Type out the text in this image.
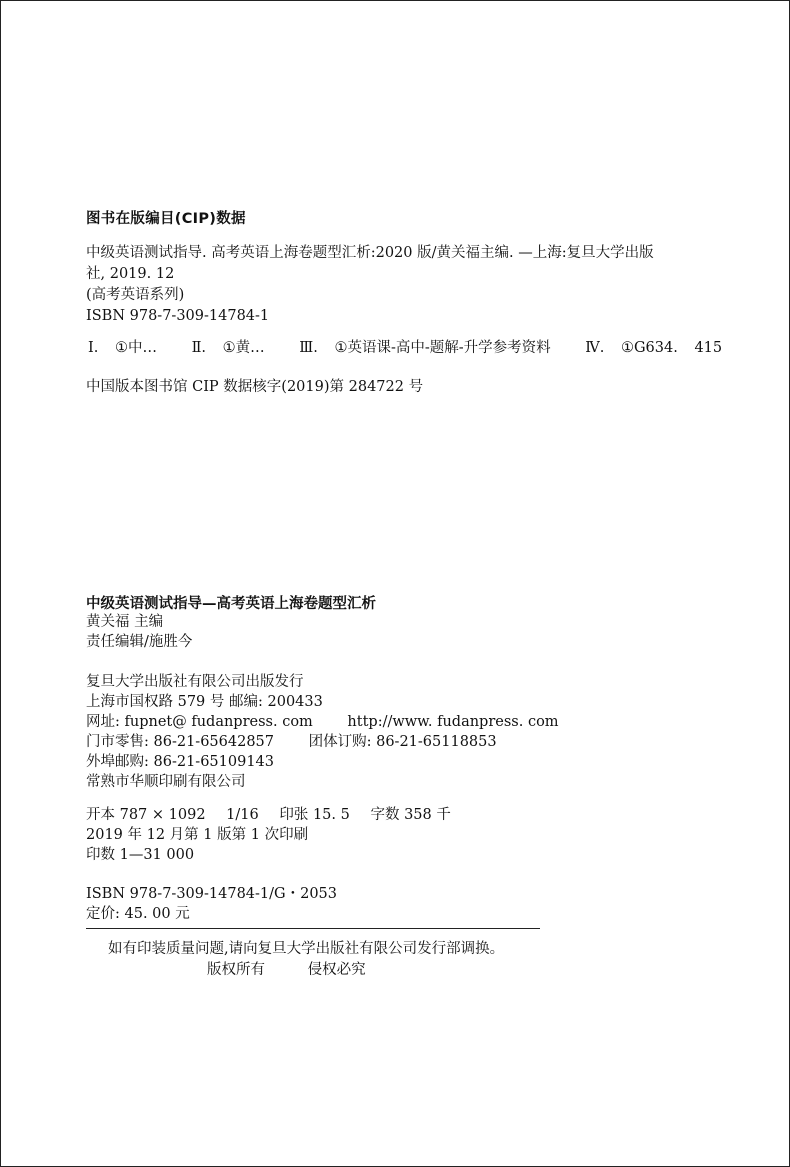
图书在版编目(CIP)数据
中级英语测试指导. 高考英语上海卷题型汇析:2020 版/黄关福主编. —上海:复旦大学出版
社, 2019. 12
(高考英语系列)
ISBN 978-7-309-14784-1
Ⅰ. ①中… Ⅱ. ①黄… Ⅲ. ①英语课-高中-题解-升学参考资料 Ⅳ. ①G634. 415
中国版本图书馆 CIP 数据核字(2019)第 284722 号
中级英语测试指导—高考英语上海卷题型汇析
黄关福 主编
责任编辑/施胜今
复旦大学出版社有限公司出版发行
上海市国权路 579 号 邮编: 200433
网址: fupnet@ fudanpress. com http://www. fudanpress. com
门市零售: 86-21-65642857 团体订购: 86-21-65118853
外埠邮购: 86-21-65109143
常熟市华顺印刷有限公司
开本 787 × 1092 1/16 印张 15. 5 字数 358 千
2019 年 12 月第 1 版第 1 次印刷
印数 1—31 000
ISBN 978-7-309-14784-1/G・2053
定价: 45. 00 元
如有印装质量问题,请向复旦大学出版社有限公司发行部调换。
版权所有	侵权必究
